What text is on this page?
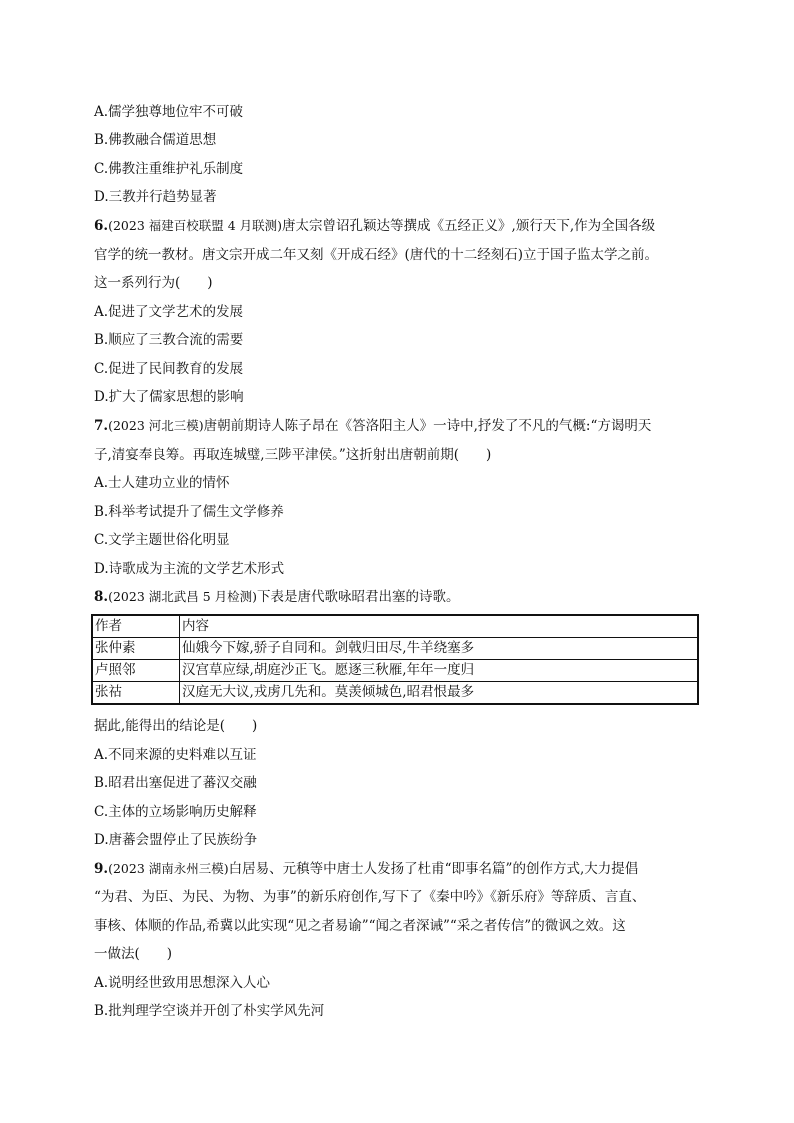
A.儒学独尊地位牢不可破
B.佛教融合儒道思想
C.佛教注重维护礼乐制度
D.三教并行趋势显著
6.(2023 福建百校联盟 4 月联测)唐太宗曾诏孔颖达等撰成《五经正义》,颁行天下,作为全国各级
官学的统一教材。唐文宗开成二年又刻《开成石经》(唐代的十二经刻石)立于国子监太学之前。
这一系列行为(　　)
A.促进了文学艺术的发展
B.顺应了三教合流的需要
C.促进了民间教育的发展
D.扩大了儒家思想的影响
7.(2023 河北三模)唐朝前期诗人陈子昂在《答洛阳主人》一诗中,抒发了不凡的气概:“方谒明天
子,清宴奉良筹。再取连城璧,三陟平津侯。”这折射出唐朝前期(　　)
A.士人建功立业的情怀
B.科举考试提升了儒生文学修养
C.文学主题世俗化明显
D.诗歌成为主流的文学艺术形式
8.(2023 湖北武昌 5 月检测)下表是唐代歌咏昭君出塞的诗歌。
作者	内容
张仲素	仙娥今下嫁,骄子自同和。剑戟归田尽,牛羊绕塞多
卢照邻	汉宫草应绿,胡庭沙正飞。愿逐三秋雁,年年一度归
张祜	汉庭无大议,戎虏几先和。莫羡倾城色,昭君恨最多
据此,能得出的结论是(　　)
A.不同来源的史料难以互证
B.昭君出塞促进了蕃汉交融
C.主体的立场影响历史解释
D.唐蕃会盟停止了民族纷争
9.(2023 湖南永州三模)白居易、元稹等中唐士人发扬了杜甫“即事名篇”的创作方式,大力提倡
“为君、为臣、为民、为物、为事”的新乐府创作,写下了《秦中吟》《新乐府》等辞质、言直、
事核、体顺的作品,希冀以此实现“见之者易谕”“闻之者深诫”“采之者传信”的微讽之效。这
一做法(　　)
A.说明经世致用思想深入人心
B.批判理学空谈并开创了朴实学风先河
